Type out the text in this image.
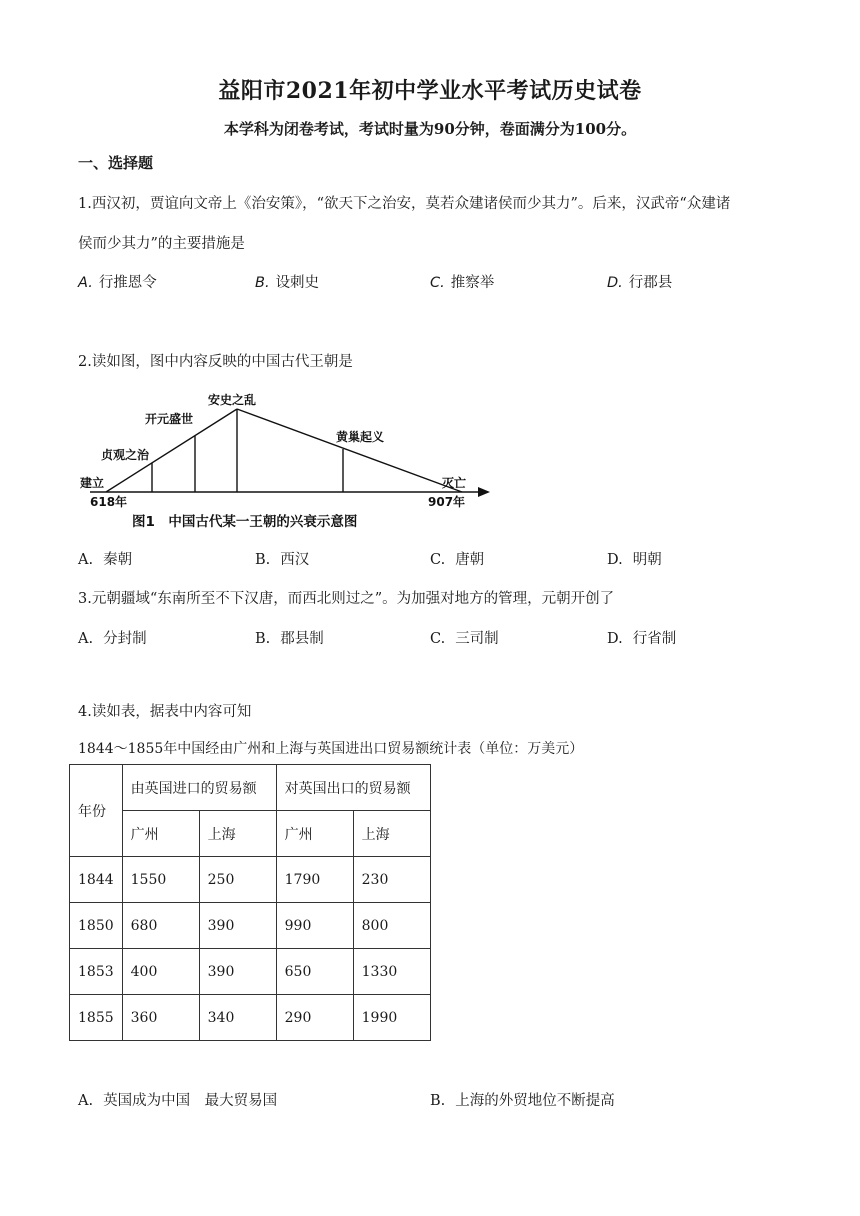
益阳市2021年初中学业水平考试历史试卷
本学科为闭卷考试，考试时量为90分钟，卷面满分为100分。
一、选择题
1.西汉初，贾谊向文帝上《治安策》，“欲天下之治安，莫若众建诸侯而少其力”。后来，汉武帝“众建诸
侯而少其力”的主要措施是
A. 行推恩令	B. 设刺史	C. 推察举	D. 行郡县
2.读如图，图中内容反映的中国古代王朝是
建立
贞观之治
开元盛世
安史之乱
黄巢起义
灭亡
618年	907年
图1　中国古代某一王朝的兴衰示意图
A. 秦朝	B. 西汉	C. 唐朝	D. 明朝
3.元朝疆域“东南所至不下汉唐，而西北则过之”。为加强对地方的管理，元朝开创了
A. 分封制	B. 郡县制	C. 三司制	D. 行省制
4.读如表，据表中内容可知
1844～1855年中国经由广州和上海与英国进出口贸易额统计表（单位：万美元）
年份	由英国进口的贸易额		对英国出口的贸易额	
	广州	上海	广州	上海
1844	1550	250	1790	230
1850	680	390	990	800
1853	400	390	650	1330
1855	360	340	290	1990
A. 英国成为中国　最大贸易国	B. 上海的外贸地位不断提高
